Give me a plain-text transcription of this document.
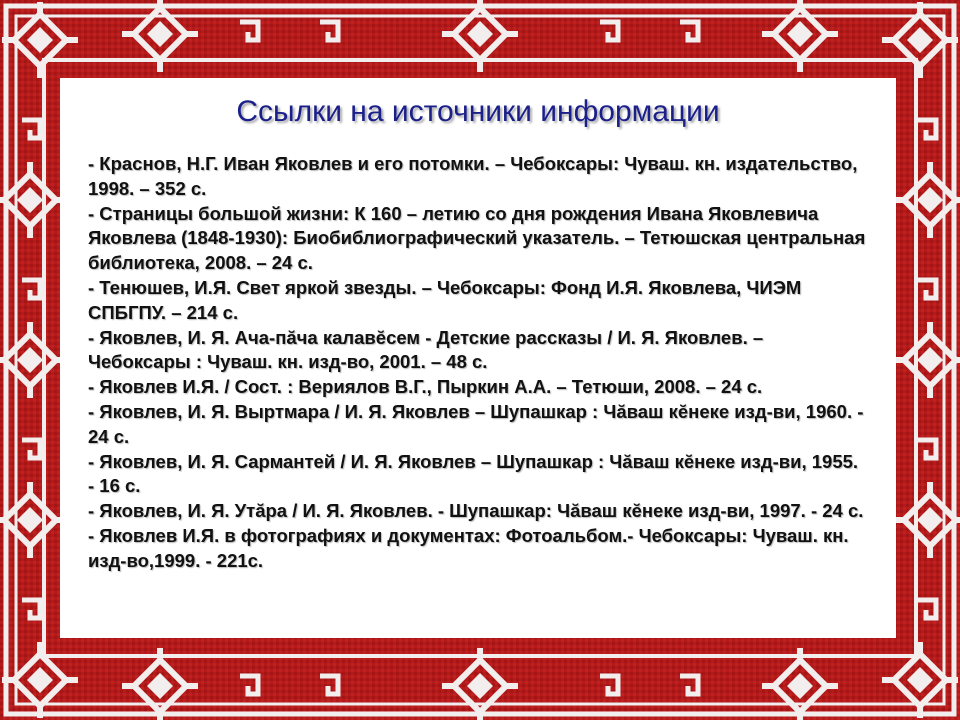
Ссылки на источники информации
- Краснов, Н.Г. Иван Яковлев и его потомки. – Чебоксары: Чуваш. кн. издательство, 1998. – 352 с.
- Страницы большой жизни: К 160 – летию со дня рождения Ивана Яковлевича Яковлева (1848-1930): Биобиблиографический указатель. – Тетюшская центральная библиотека, 2008. – 24 с.
- Тенюшев, И.Я. Свет яркой звезды. – Чебоксары: Фонд И.Я. Яковлева, ЧИЭМ СПБГПУ. – 214 с.
- Яковлев, И. Я. Ача-пăча калавĕсем - Детские рассказы / И. Я. Яковлев. – Чебоксары : Чуваш. кн. изд-во, 2001. – 48 с.
- Яковлев И.Я. / Сост. : Вериялов В.Г., Пыркин А.А. – Тетюши, 2008. – 24 с.
- Яковлев, И. Я. Выртмара / И. Я. Яковлев – Шупашкар : Чăваш кĕнеке изд-ви, 1960. - 24 с.
- Яковлев, И. Я. Сармантей / И. Я. Яковлев – Шупашкар : Чăваш кĕнеке изд-ви, 1955. - 16 с.
- Яковлев, И. Я. Утăра / И. Я. Яковлев. - Шупашкар: Чăваш кĕнеке изд-ви, 1997. - 24 с.
- Яковлев И.Я. в фотографиях и документах: Фотоальбом.- Чебоксары: Чуваш. кн. изд-во,1999. - 221с.
